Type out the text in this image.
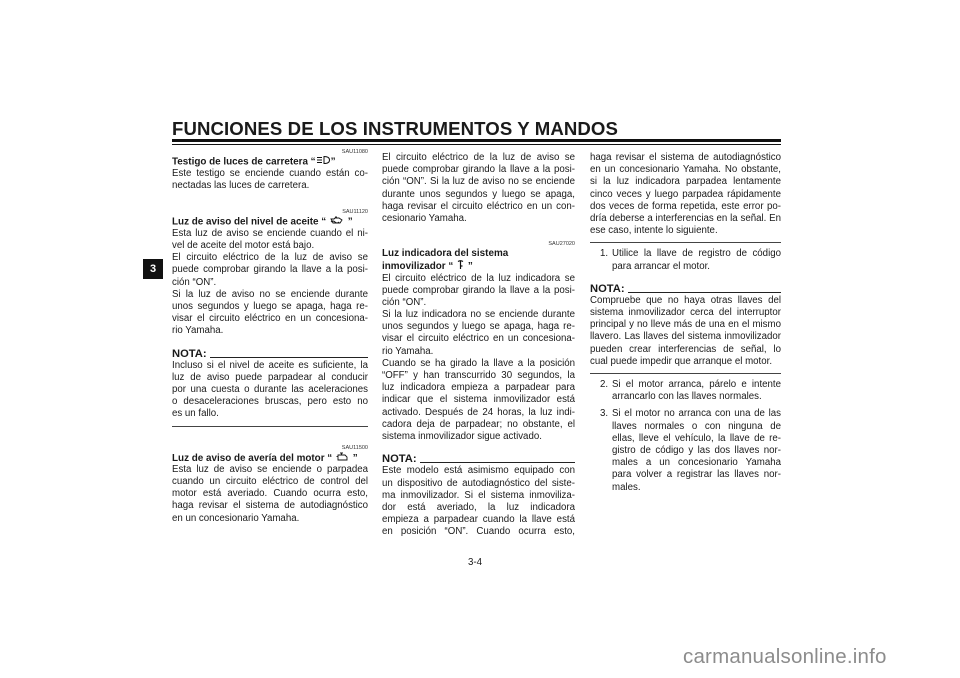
FUNCIONES DE LOS INSTRUMENTOS Y MANDOS
3
SAU11080
Testigo de luces de carretera “ ”
Este testigo se enciende cuando están co-
nectadas las luces de carretera.
SAU11120
Luz de aviso del nivel de aceite “  ”
Esta luz de aviso se enciende cuando el ni-
vel de aceite del motor está bajo.
El circuito eléctrico de la luz de aviso se
puede comprobar girando la llave a la posi-
ción “ON”.
Si la luz de aviso no se enciende durante
unos segundos y luego se apaga, haga re-
visar el circuito eléctrico en un concesiona-
rio Yamaha.
NOTA:
Incluso si el nivel de aceite es suficiente, la
luz de aviso puede parpadear al conducir
por una cuesta o durante las aceleraciones
o desaceleraciones bruscas, pero esto no
es un fallo.
SAU11500
Luz de aviso de avería del motor “  ”
Esta luz de aviso se enciende o parpadea
cuando un circuito eléctrico de control del
motor está averiado. Cuando ocurra esto,
haga revisar el sistema de autodiagnóstico
en un concesionario Yamaha.
El circuito eléctrico de la luz de aviso se
puede comprobar girando la llave a la posi-
ción “ON”. Si la luz de aviso no se enciende
durante unos segundos y luego se apaga,
haga revisar el circuito eléctrico en un con-
cesionario Yamaha.
SAU27020
Luz indicadora del sistema
inmovilizador “  ”
El circuito eléctrico de la luz indicadora se
puede comprobar girando la llave a la posi-
ción “ON”.
Si la luz indicadora no se enciende durante
unos segundos y luego se apaga, haga re-
visar el circuito eléctrico en un concesiona-
rio Yamaha.
Cuando se ha girado la llave a la posición
“OFF” y han transcurrido 30 segundos, la
luz indicadora empieza a parpadear para
indicar que el sistema inmovilizador está
activado. Después de 24 horas, la luz indi-
cadora deja de parpadear; no obstante, el
sistema inmovilizador sigue activado.
NOTA:
Este modelo está asimismo equipado con
un dispositivo de autodiagnóstico del siste-
ma inmovilizador. Si el sistema inmoviliza-
dor está averiado, la luz indicadora
empieza a parpadear cuando la llave está
en posición “ON”. Cuando ocurra esto,
haga revisar el sistema de autodiagnóstico
en un concesionario Yamaha. No obstante,
si la luz indicadora parpadea lentamente
cinco veces y luego parpadea rápidamente
dos veces de forma repetida, este error po-
dría deberse a interferencias en la señal. En
ese caso, intente lo siguiente.
1. Utilice la llave de registro de código
para arrancar el motor.
NOTA:
Compruebe que no haya otras llaves del
sistema inmovilizador cerca del interruptor
principal y no lleve más de una en el mismo
llavero. Las llaves del sistema inmovilizador
pueden crear interferencias de señal, lo
cual puede impedir que arranque el motor.
2. Si el motor arranca, párelo e intente
arrancarlo con las llaves normales.
3. Si el motor no arranca con una de las
llaves normales o con ninguna de
ellas, lleve el vehículo, la llave de re-
gistro de código y las dos llaves nor-
males a un concesionario Yamaha
para volver a registrar las llaves nor-
males.
3-4
carmanualsonline.info
